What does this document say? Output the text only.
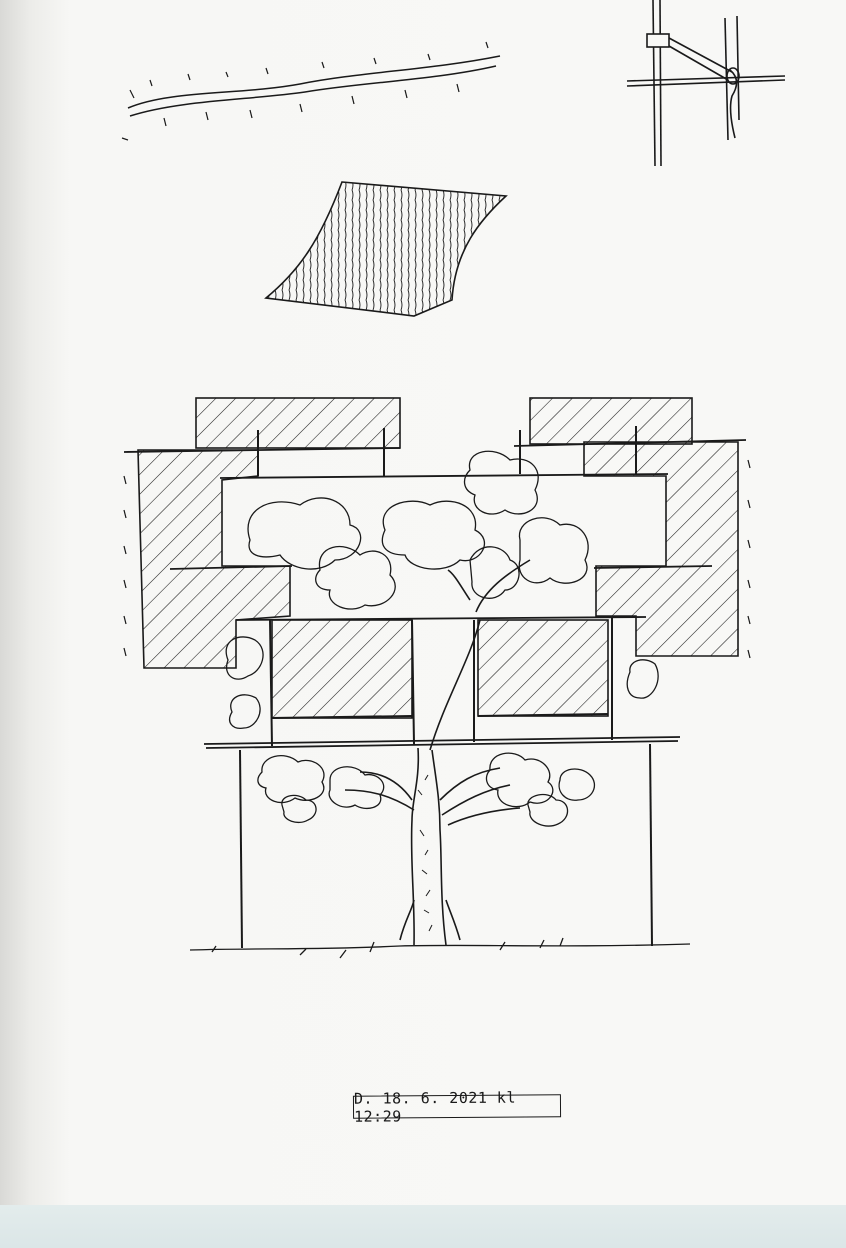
D. 18. 6. 2021 kl 12:29
